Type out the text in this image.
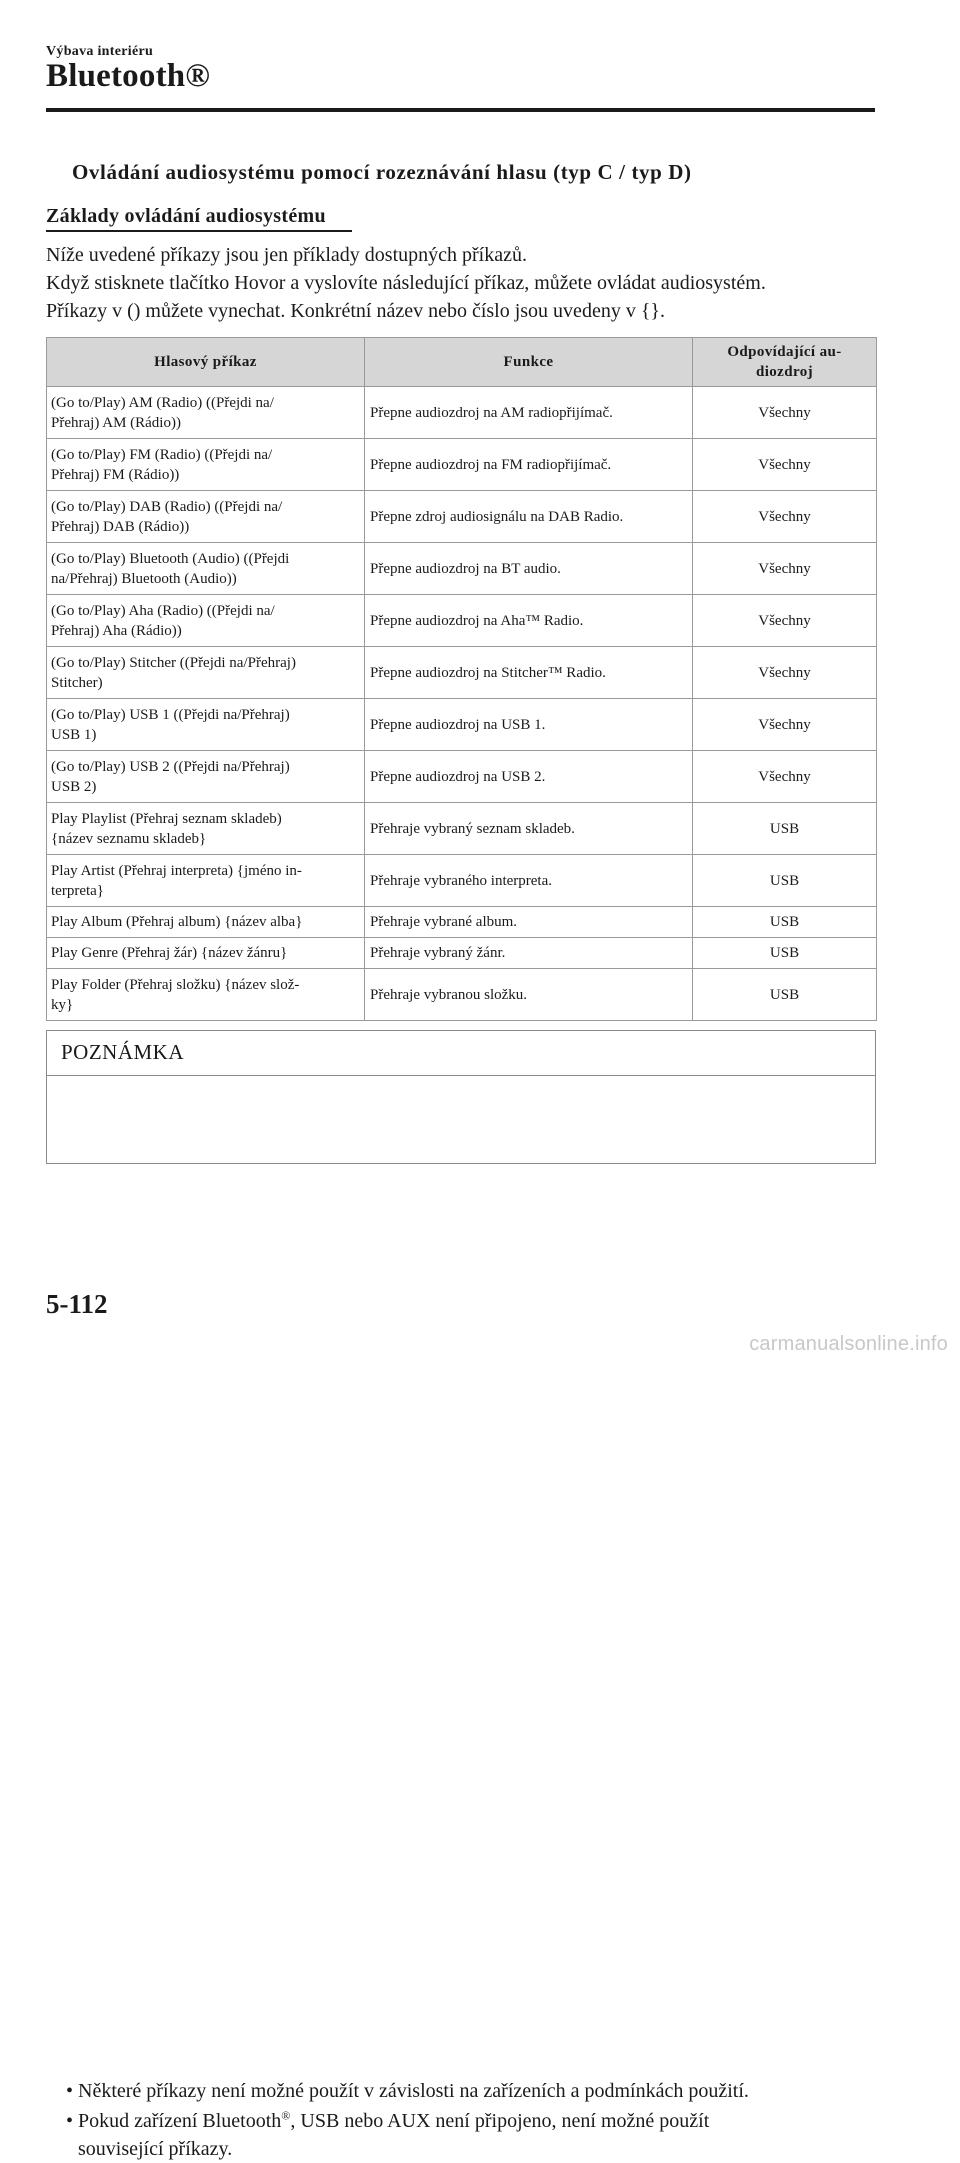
Výbava interiéru
Bluetooth®
Ovládání audiosystému pomocí rozeznávání hlasu (typ C / typ D)
Základy ovládání audiosystému
Níže uvedené příkazy jsou jen příklady dostupných příkazů.
Když stisknete tlačítko Hovor a vyslovíte následující příkaz, můžete ovládat audiosystém.
Příkazy v () můžete vynechat. Konkrétní název nebo číslo jsou uvedeny v {}.
Hlasový příkaz	Funkce	Odpovídající au-
diozdroj
(Go to/Play) AM (Radio) ((Přejdi na/
Přehraj) AM (Rádio))	Přepne audiozdroj na AM radiopřijímač.	Všechny
(Go to/Play) FM (Radio) ((Přejdi na/
Přehraj) FM (Rádio))	Přepne audiozdroj na FM radiopřijímač.	Všechny
(Go to/Play) DAB (Radio) ((Přejdi na/
Přehraj) DAB (Rádio))	Přepne zdroj audiosignálu na DAB Radio.	Všechny
(Go to/Play) Bluetooth (Audio) ((Přejdi
na/Přehraj) Bluetooth (Audio))	Přepne audiozdroj na BT audio.	Všechny
(Go to/Play) Aha (Radio) ((Přejdi na/
Přehraj) Aha (Rádio))	Přepne audiozdroj na Aha™ Radio.	Všechny
(Go to/Play) Stitcher ((Přejdi na/Přehraj)
Stitcher)	Přepne audiozdroj na Stitcher™ Radio.	Všechny
(Go to/Play) USB 1 ((Přejdi na/Přehraj)
USB 1)	Přepne audiozdroj na USB 1.	Všechny
(Go to/Play) USB 2 ((Přejdi na/Přehraj)
USB 2)	Přepne audiozdroj na USB 2.	Všechny
Play Playlist (Přehraj seznam skladeb)
{název seznamu skladeb}	Přehraje vybraný seznam skladeb.	USB
Play Artist (Přehraj interpreta) {jméno in-
terpreta}	Přehraje vybraného interpreta.	USB
Play Album (Přehraj album) {název alba}	Přehraje vybrané album.	USB
Play Genre (Přehraj žár) {název žánru}	Přehraje vybraný žánr.	USB
Play Folder (Přehraj složku) {název slož-
ky}	Přehraje vybranou složku.	USB
POZNÁMKA
• Některé příkazy není možné použít v závislosti na zařízeních a podmínkách použití.
• Pokud zařízení Bluetooth®, USB nebo AUX není připojeno, není možné použít
související příkazy.
5-112
carmanualsonline.info
